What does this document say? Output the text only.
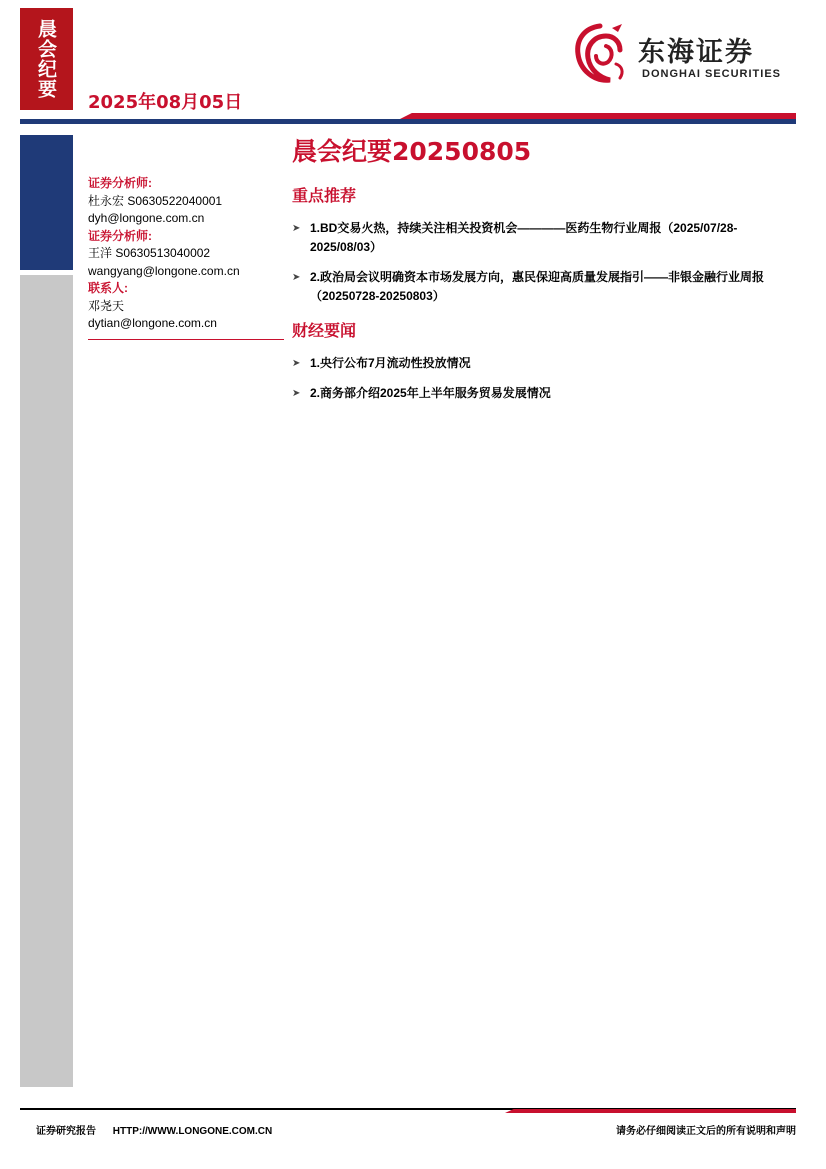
晨会纪要
2025年08月05日
东海证券
DONGHAI SECURITIES
晨会纪要20250805
证券分析师:
杜永宏 S0630522040001
dyh@longone.com.cn
证券分析师:
王洋 S0630513040002
wangyang@longone.com.cn
联系人:
邓尧天
dytian@longone.com.cn
重点推荐
➤ 1.BD交易火热，持续关注相关投资机会————医药生物行业周报（2025/07/28-2025/08/03）
➤ 2.政治局会议明确资本市场发展方向，惠民保迎高质量发展指引——非银金融行业周报（20250728-20250803）
财经要闻
➤ 1.央行公布7月流动性投放情况
➤ 2.商务部介绍2025年上半年服务贸易发展情况
证券研究报告 HTTP://WWW.LONGONE.COM.CN	请务必仔细阅读正文后的所有说明和声明
